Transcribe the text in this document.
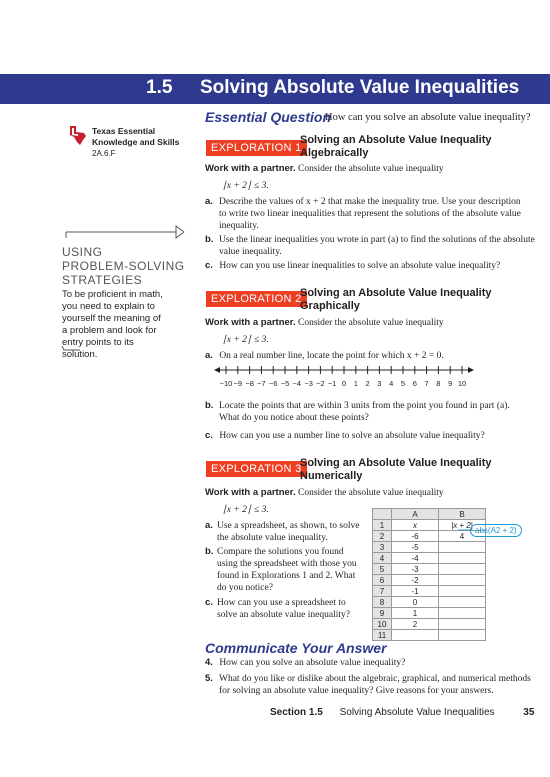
1.5 Solving Absolute Value Inequalities
Essential Question
How can you solve an absolute value inequality?
Texas Essential
Knowledge and Skills
2A.6.F	EXPLORATION 1
Solving an Absolute Value Inequality
Algebraically
Work with a partner. Consider the absolute value inequality
∣x + 2∣ ≤ 3.
a. Describe the values of x + 2 that make the inequality true. Use your description
to write two linear inequalities that represent the solutions of the absolute value
inequality.
b. Use the linear inequalities you wrote in part (a) to find the solutions of the absolute
value inequality.
c. How can you use linear inequalities to solve an absolute value inequality?
USING
PROBLEM-SOLVING
STRATEGIES
To be proficient in math,
you need to explain to
yourself the meaning of
a problem and look for
entry points to its
solution.
EXPLORATION 2
Solving an Absolute Value Inequality
Graphically
Work with a partner. Consider the absolute value inequality
∣x + 2∣ ≤ 3.
a. On a real number line, locate the point for which x + 2 = 0.
−10 −9 −8 −7 −6 −5 −4 −3 −2 −1 0	1	2	3	4	5	6	7	8	9 10
b. Locate the points that are within 3 units from the point you found in part (a).
What do you notice about these points?
c. How can you use a number line to solve an absolute value inequality?
EXPLORATION 3
Solving an Absolute Value Inequality
Numerically
Work with a partner. Consider the absolute value inequality
∣x + 2∣ ≤ 3.
a. Use a spreadsheet, as shown, to solve
the absolute value inequality.
b. Compare the solutions you found
using the spreadsheet with those you
found in Explorations 1 and 2. What
do you notice?
c. How can you use a spreadsheet to
solve an absolute value inequality?
	A	B
1	x	|x + 2|
2	-6	4
3	-5	
4	-4	
5	-3	
6	-2	
7	-1	
8	0	
9	1	
10	2	
11		
abs(A2 + 2)
Communicate Your Answer
4. How can you solve an absolute value inequality?
5. What do you like or dislike about the algebraic, graphical, and numerical methods
for solving an absolute value inequality? Give reasons for your answers.
Section 1.5 Solving Absolute Value Inequalities	35
